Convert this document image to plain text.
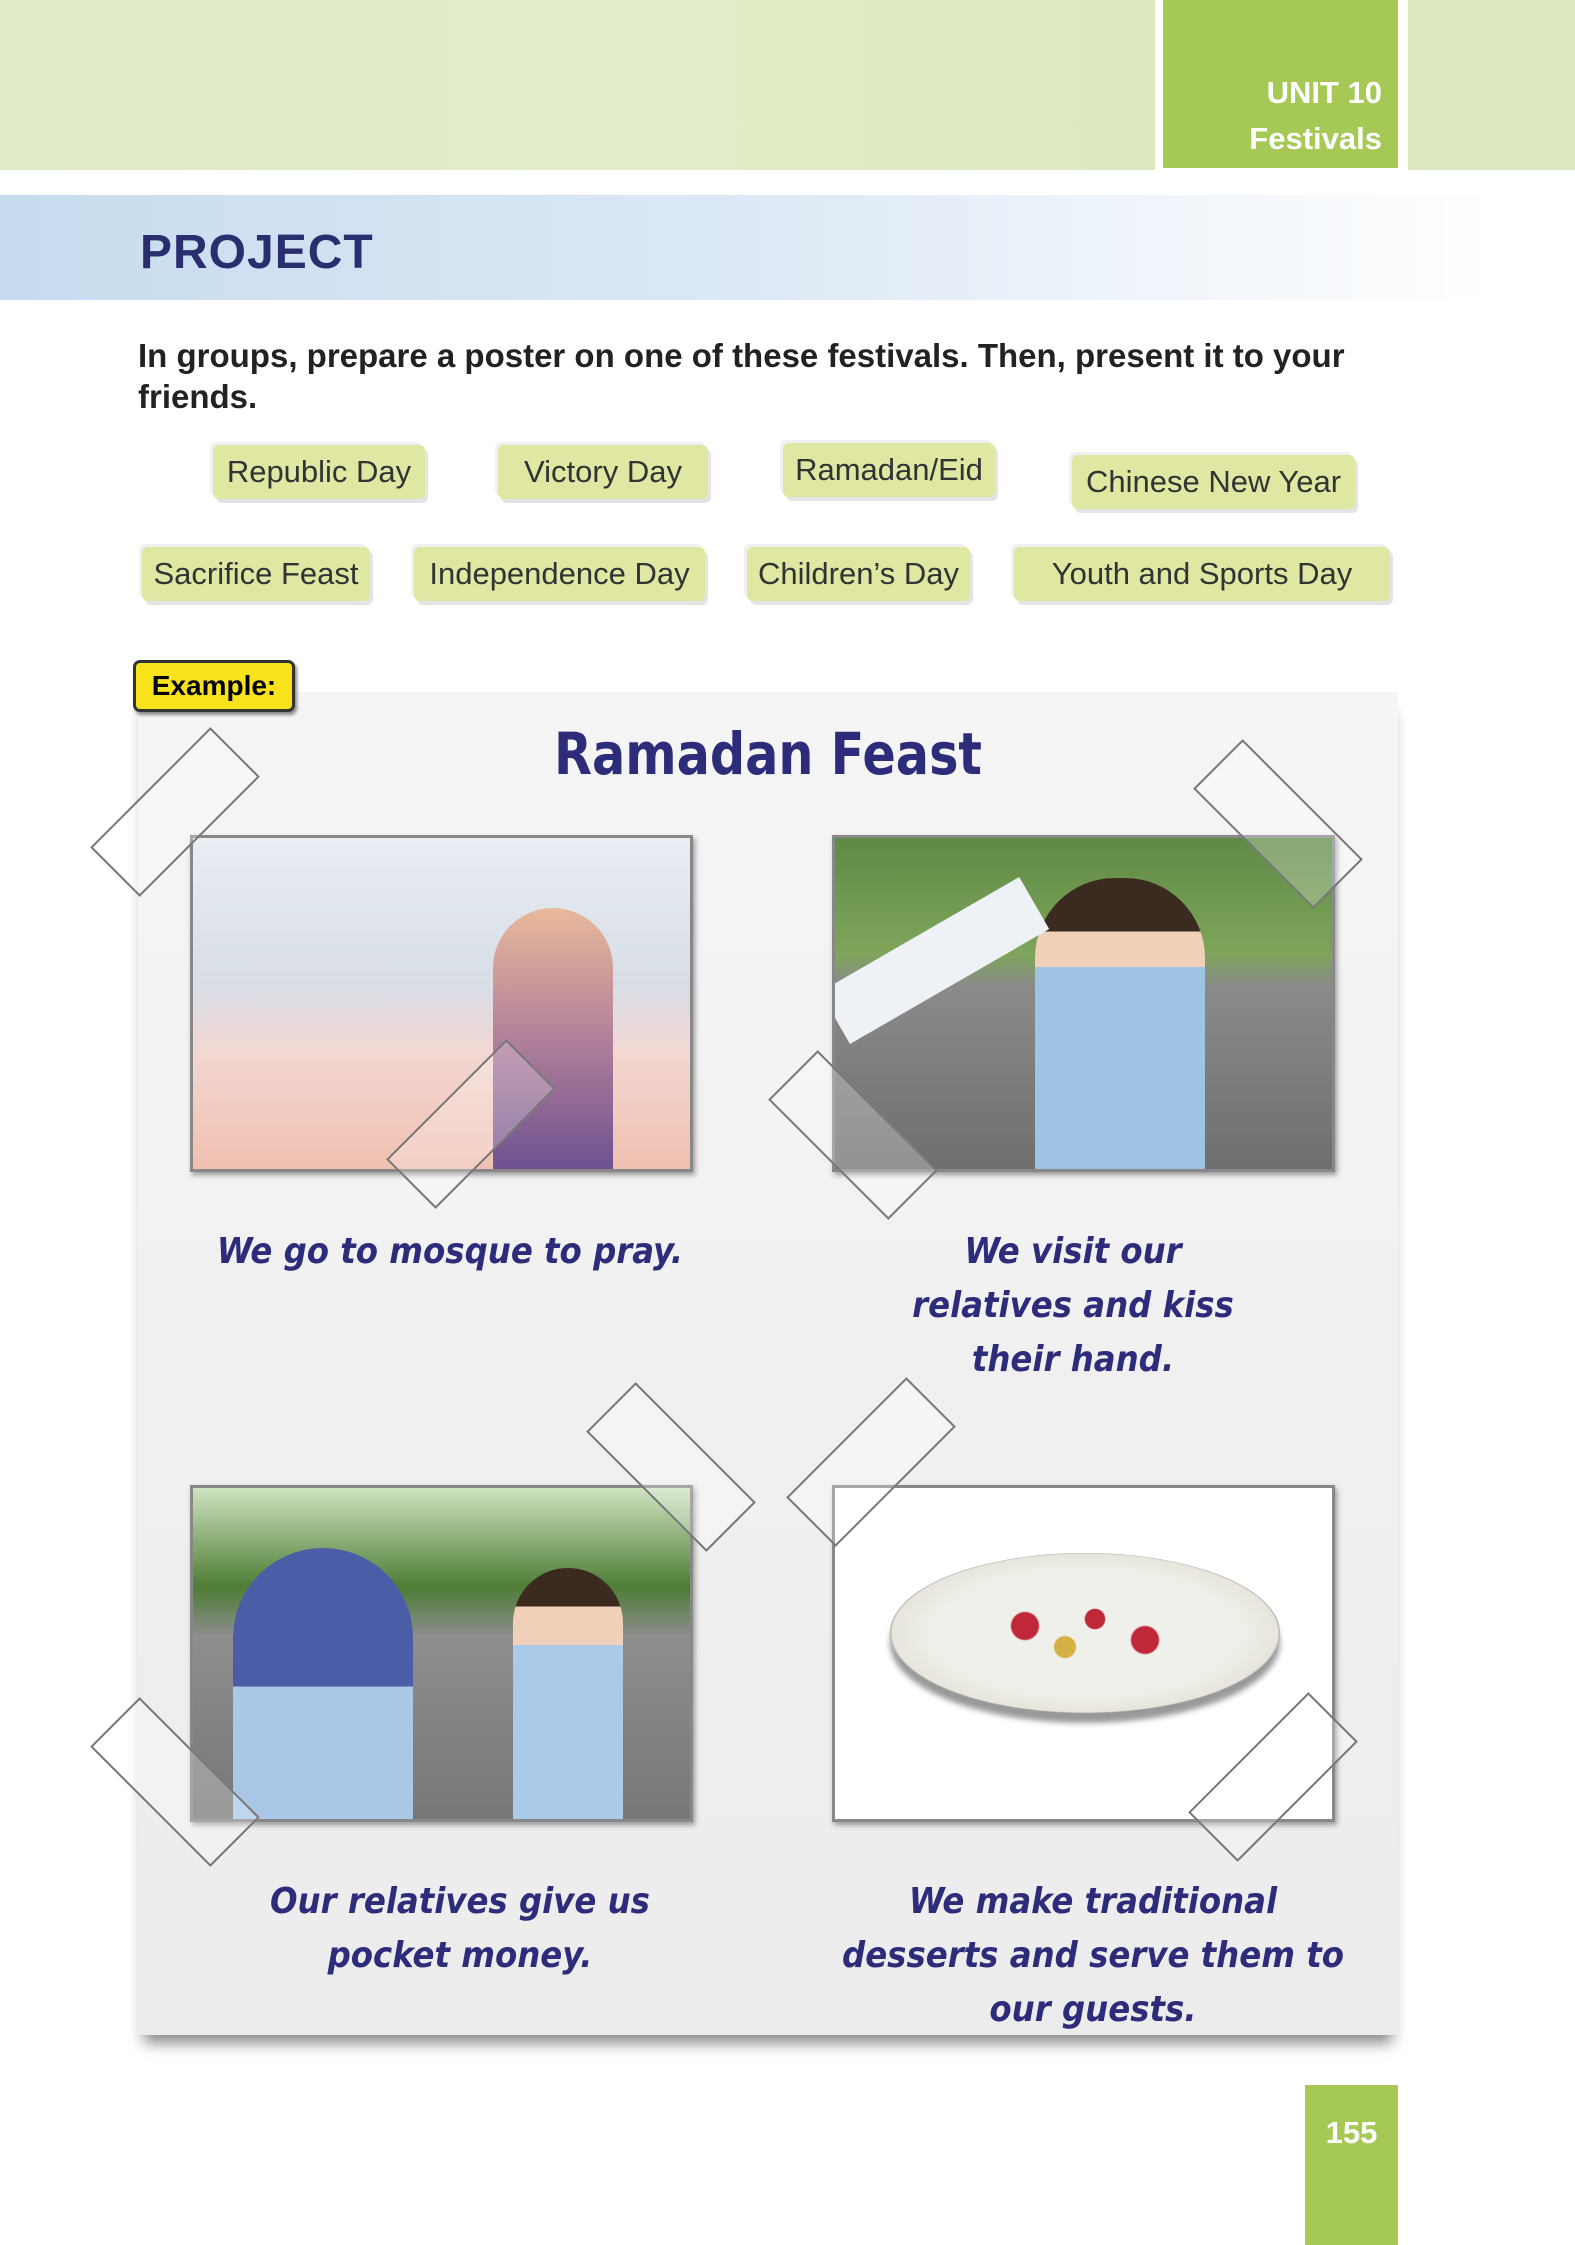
UNIT 10
Festivals
PROJECT
In groups, prepare a poster on one of these festivals. Then, present it to your friends.
Republic Day	Victory Day	Ramadan/Eid	Chinese New Year
Sacrifice Feast	Independence Day	Children’s Day	Youth and Sports Day
Example:
Ramadan Feast
We go to mosque to pray.	We visit our relatives and kiss their hand.
Our relatives give us pocket money.
We make traditional desserts and serve them to our guests.
155
